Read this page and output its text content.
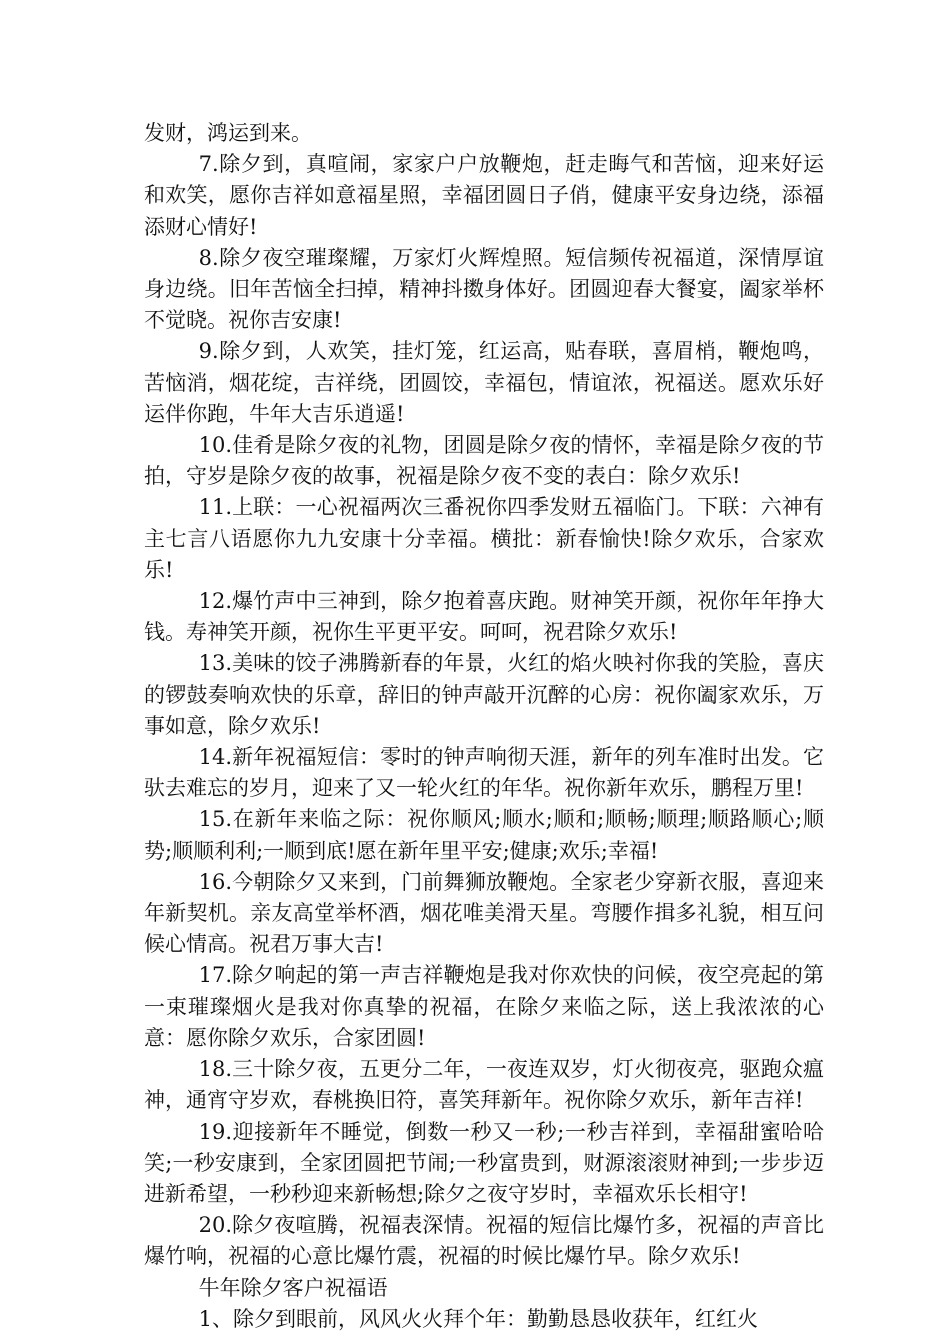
发财，鸿运到来。

7.除夕到，真喧闹，家家户户放鞭炮，赶走晦气和苦恼，迎来好运和欢笑，愿你吉祥如意福星照，幸福团圆日子俏，健康平安身边绕，添福添财心情好!

8.除夕夜空璀璨耀，万家灯火辉煌照。短信频传祝福道，深情厚谊身边绕。旧年苦恼全扫掉，精神抖擞身体好。团圆迎春大餐宴，阖家举杯不觉晓。祝你吉安康!

9.除夕到，人欢笑，挂灯笼，红运高，贴春联，喜眉梢，鞭炮鸣，苦恼消，烟花绽，吉祥绕，团圆饺，幸福包，情谊浓，祝福送。愿欢乐好运伴你跑，牛年大吉乐逍遥!

10.佳肴是除夕夜的礼物，团圆是除夕夜的情怀，幸福是除夕夜的节拍，守岁是除夕夜的故事，祝福是除夕夜不变的表白：除夕欢乐!

11.上联：一心祝福两次三番祝你四季发财五福临门。下联：六神有主七言八语愿你九九安康十分幸福。横批：新春愉快!除夕欢乐，合家欢乐!

12.爆竹声中三神到，除夕抱着喜庆跑。财神笑开颜，祝你年年挣大钱。寿神笑开颜，祝你生平更平安。呵呵，祝君除夕欢乐!

13.美味的饺子沸腾新春的年景，火红的焰火映衬你我的笑脸，喜庆的锣鼓奏响欢快的乐章，辞旧的钟声敲开沉醉的心房：祝你阖家欢乐，万事如意，除夕欢乐!

14.新年祝福短信：零时的钟声响彻天涯，新年的列车准时出发。它驮去难忘的岁月，迎来了又一轮火红的年华。祝你新年欢乐，鹏程万里!

15.在新年来临之际：祝你顺风;顺水;顺和;顺畅;顺理;顺路顺心;顺势;顺顺利利;一顺到底!愿在新年里平安;健康;欢乐;幸福!

16.今朝除夕又来到，门前舞狮放鞭炮。全家老少穿新衣服，喜迎来年新契机。亲友高堂举杯酒，烟花唯美滑天星。弯腰作揖多礼貌，相互问候心情高。祝君万事大吉!

17.除夕响起的第一声吉祥鞭炮是我对你欢快的问候，夜空亮起的第一束璀璨烟火是我对你真挚的祝福，在除夕来临之际，送上我浓浓的心意：愿你除夕欢乐，合家团圆!

18.三十除夕夜，五更分二年，一夜连双岁，灯火彻夜亮，驱跑众瘟神，通宵守岁欢，春桃换旧符，喜笑拜新年。祝你除夕欢乐，新年吉祥!

19.迎接新年不睡觉，倒数一秒又一秒;一秒吉祥到，幸福甜蜜哈哈笑;一秒安康到，全家团圆把节闹;一秒富贵到，财源滚滚财神到;一步步迈进新希望，一秒秒迎来新畅想;除夕之夜守岁时，幸福欢乐长相守!

20.除夕夜喧腾，祝福表深情。祝福的短信比爆竹多，祝福的声音比爆竹响，祝福的心意比爆竹震，祝福的时候比爆竹早。除夕欢乐!

牛年除夕客户祝福语

1、除夕到眼前，风风火火拜个年：勤勤恳恳收获年，红红火
